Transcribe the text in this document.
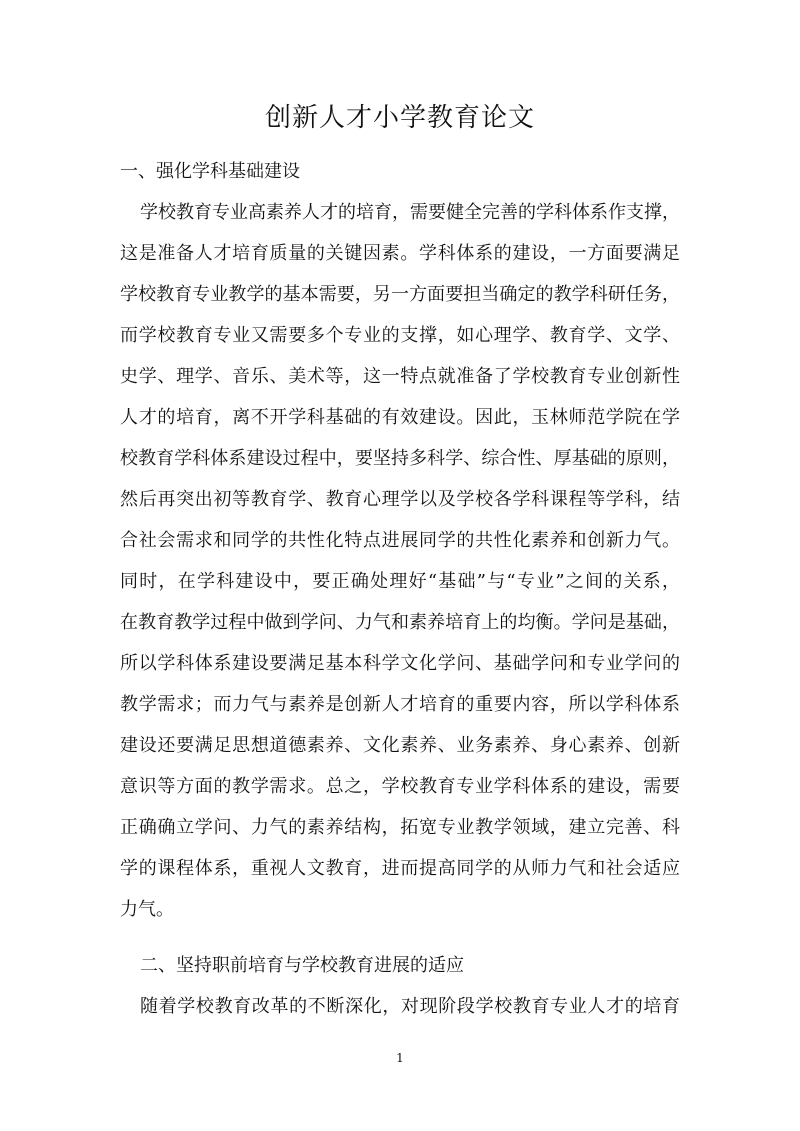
创新人才小学教育论文
一、强化学科基础建设
学校教育专业高素养人才的培育，需要健全完善的学科体系作支撑，
这是准备人才培育质量的关键因素。学科体系的建设，一方面要满足
学校教育专业教学的基本需要，另一方面要担当确定的教学科研任务，
而学校教育专业又需要多个专业的支撑，如心理学、教育学、文学、
史学、理学、音乐、美术等，这一特点就准备了学校教育专业创新性
人才的培育，离不开学科基础的有效建设。因此，玉林师范学院在学
校教育学科体系建设过程中，要坚持多科学、综合性、厚基础的原则，
然后再突出初等教育学、教育心理学以及学校各学科课程等学科，结
合社会需求和同学的共性化特点进展同学的共性化素养和创新力气。
同时，在学科建设中，要正确处理好“基础”与“专业”之间的关系，
在教育教学过程中做到学问、力气和素养培育上的均衡。学问是基础，
所以学科体系建设要满足基本科学文化学问、基础学问和专业学问的
教学需求；而力气与素养是创新人才培育的重要内容，所以学科体系
建设还要满足思想道德素养、文化素养、业务素养、身心素养、创新
意识等方面的教学需求。总之，学校教育专业学科体系的建设，需要
正确确立学问、力气的素养结构，拓宽专业教学领域，建立完善、科
学的课程体系，重视人文教育，进而提高同学的从师力气和社会适应
力气。
二、坚持职前培育与学校教育进展的适应
随着学校教育改革的不断深化，对现阶段学校教育专业人才的培育
1
